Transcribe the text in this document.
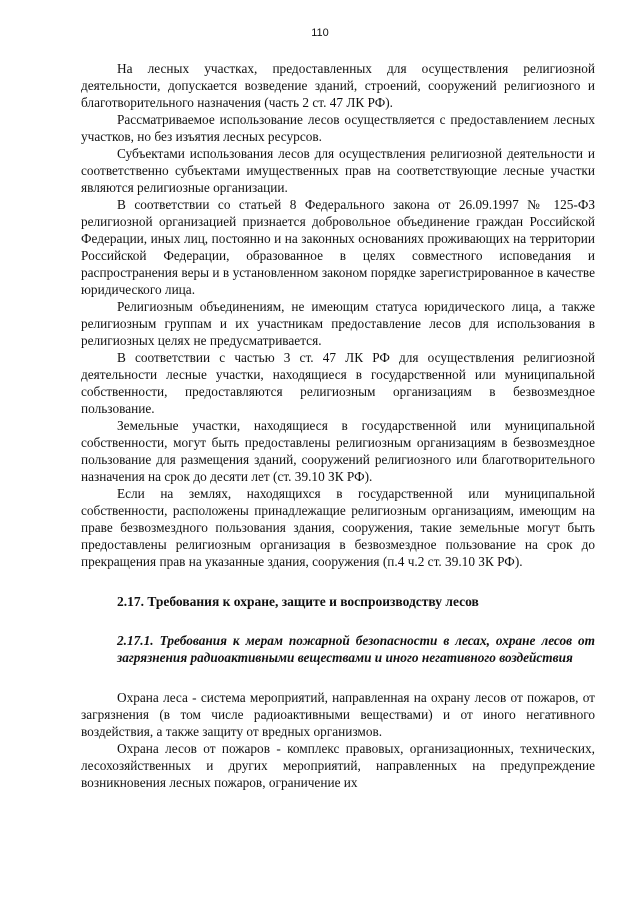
110

На лесных участках, предоставленных для осуществления религиозной деятельности, допускается возведение зданий, строений, сооружений религиозного и благотворительного назначения (часть 2 ст. 47 ЛК РФ).

Рассматриваемое использование лесов осуществляется с предоставлением лесных участков, но без изъятия лесных ресурсов.

Субъектами использования лесов для осуществления религиозной деятельности и соответственно субъектами имущественных прав на соответствующие лесные участки являются религиозные организации.

В соответствии со статьей 8 Федерального закона от 26.09.1997 № 125-ФЗ религиозной организацией признается добровольное объединение граждан Российской Федерации, иных лиц, постоянно и на законных основаниях проживающих на территории Российской Федерации, образованное в целях совместного исповедания и распространения веры и в установленном законом порядке зарегистрированное в качестве юридического лица.

Религиозным объединениям, не имеющим статуса юридического лица, а также религиозным группам и их участникам предоставление лесов для использования в религиозных целях не предусматривается.

В соответствии с частью 3 ст. 47 ЛК РФ для осуществления религиозной деятельности лесные участки, находящиеся в государственной или муниципальной собственности, предоставляются религиозным организациям в безвозмездное пользование.

Земельные участки, находящиеся в государственной или муниципальной собственности, могут быть предоставлены религиозным организациям в безвозмездное пользование для размещения зданий, сооружений религиозного или благотворительного назначения на срок до десяти лет (ст. 39.10 ЗК РФ).

Если на землях, находящихся в государственной или муниципальной собственности, расположены принадлежащие религиозным организациям, имеющим на праве безвозмездного пользования здания, сооружения, такие земельные могут быть предоставлены религиозным организация в безвозмездное пользование на срок до прекращения прав на указанные здания, сооружения (п.4 ч.2 ст. 39.10 ЗК РФ).

2.17. Требования к охране, защите и воспроизводству лесов
2.17.1. Требования к мерам пожарной безопасности в лесах, охране лесов от загрязнения радиоактивными веществами и иного негативного воздействия

Охрана леса - система мероприятий, направленная на охрану лесов от пожаров, от загрязнения (в том числе радиоактивными веществами) и от иного негативного воздействия, а также защиту от вредных организмов.

Охрана лесов от пожаров - комплекс правовых, организационных, технических, лесохозяйственных и других мероприятий, направленных на предупреждение возникновения лесных пожаров, ограничение их
